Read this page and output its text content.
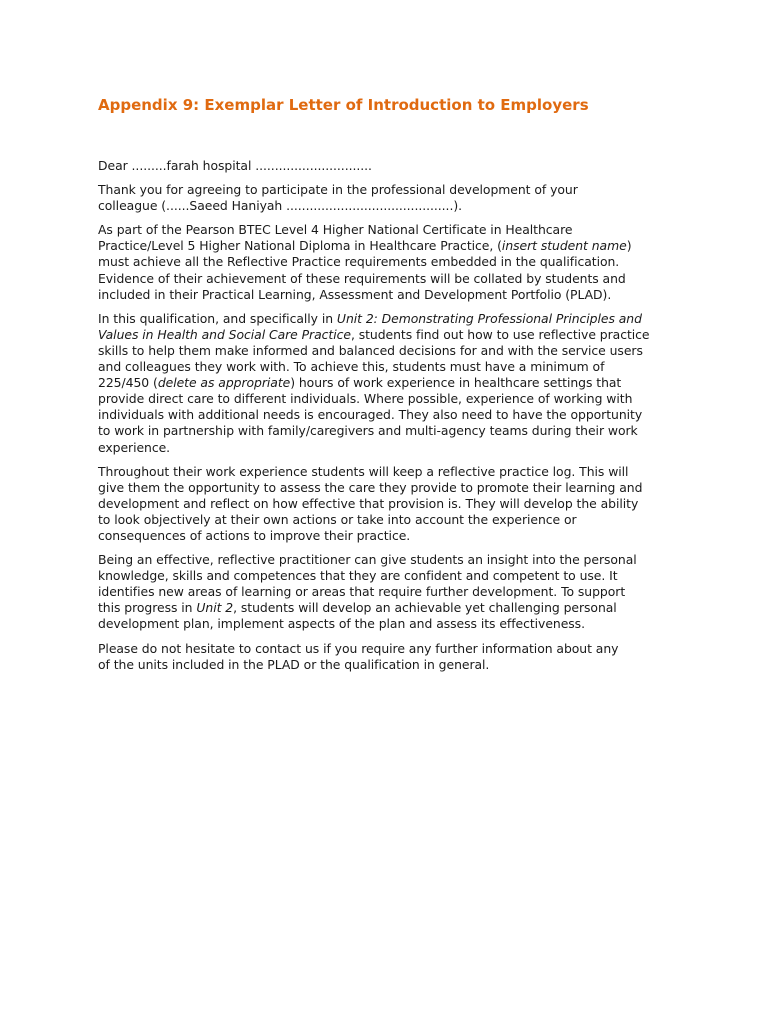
Appendix 9: Exemplar Letter of Introduction to Employers

Dear .........farah hospital ..............................

Thank you for agreeing to participate in the professional development of your
colleague (......Saeed Haniyah ...........................................).

As part of the Pearson BTEC Level 4 Higher National Certificate in Healthcare
Practice/Level 5 Higher National Diploma in Healthcare Practice, (insert student name)
must achieve all the Reflective Practice requirements embedded in the qualification.
Evidence of their achievement of these requirements will be collated by students and
included in their Practical Learning, Assessment and Development Portfolio (PLAD).

In this qualification, and specifically in Unit 2: Demonstrating Professional Principles and
Values in Health and Social Care Practice, students find out how to use reflective practice
skills to help them make informed and balanced decisions for and with the service users
and colleagues they work with. To achieve this, students must have a minimum of
225/450 (delete as appropriate) hours of work experience in healthcare settings that
provide direct care to different individuals. Where possible, experience of working with
individuals with additional needs is encouraged. They also need to have the opportunity
to work in partnership with family/caregivers and multi-agency teams during their work
experience.

Throughout their work experience students will keep a reflective practice log. This will
give them the opportunity to assess the care they provide to promote their learning and
development and reflect on how effective that provision is. They will develop the ability
to look objectively at their own actions or take into account the experience or
consequences of actions to improve their practice.

Being an effective, reflective practitioner can give students an insight into the personal
knowledge, skills and competences that they are confident and competent to use. It
identifies new areas of learning or areas that require further development. To support
this progress in Unit 2, students will develop an achievable yet challenging personal
development plan, implement aspects of the plan and assess its effectiveness.

Please do not hesitate to contact us if you require any further information about any
of the units included in the PLAD or the qualification in general.
